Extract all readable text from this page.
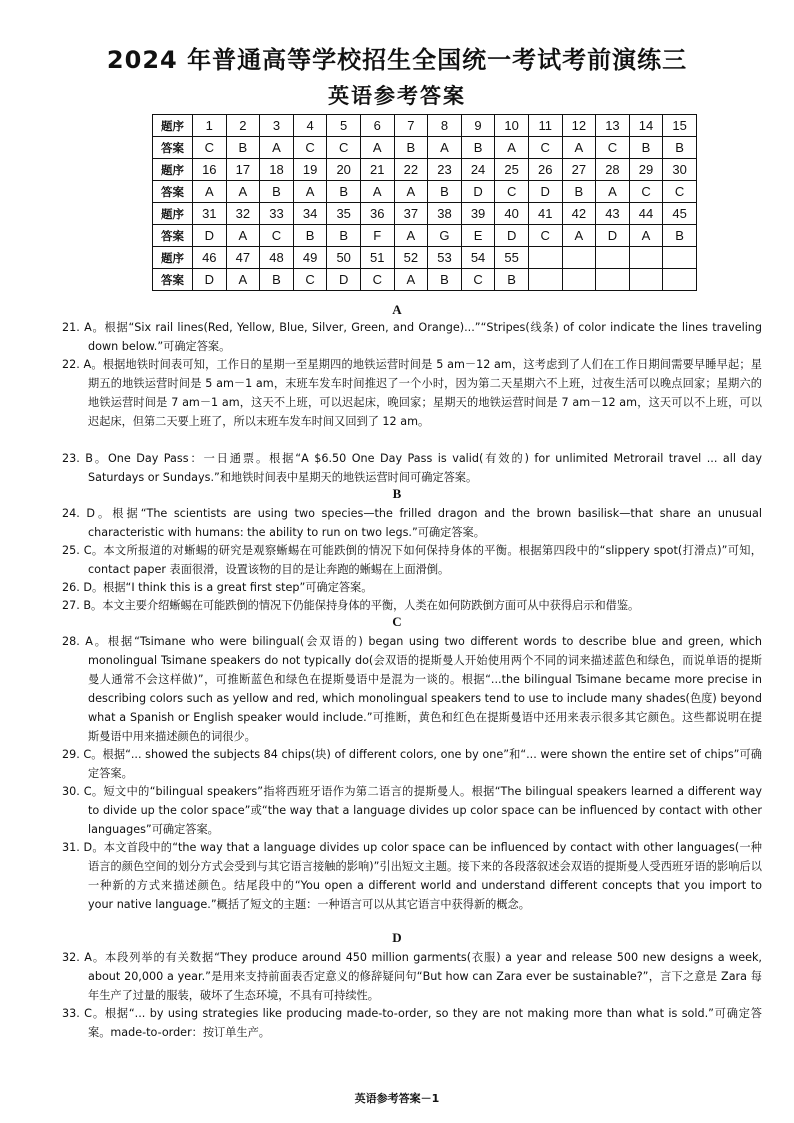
2024 年普通高等学校招生全国统一考试考前演练三
英语参考答案
题序	1	2	3	4	5	6	7	8	9	10	11	12	13	14	15
答案	C	B	A	C	C	A	B	A	B	A	C	A	C	B	B
题序	16	17	18	19	20	21	22	23	24	25	26	27	28	29	30
答案	A	A	B	A	B	A	A	B	D	C	D	B	A	C	C
题序	31	32	33	34	35	36	37	38	39	40	41	42	43	44	45
答案	D	A	C	B	B	F	A	G	E	D	C	A	D	A	B
题序	46	47	48	49	50	51	52	53	54	55					
答案	D	A	B	C	D	C	A	B	C	B					
A
21. A。根据“Six rail lines(Red, Yellow, Blue, Silver, Green, and Orange)...”“Stripes(线条) of color indicate the lines traveling down below.”可确定答案。
22. A。根据地铁时间表可知，工作日的星期一至星期四的地铁运营时间是 5 am－12 am，这考虑到了人们在工作日期间需要早睡早起；星期五的地铁运营时间是 5 am－1 am，末班车发车时间推迟了一个小时，因为第二天星期六不上班，过夜生活可以晚点回家；星期六的地铁运营时间是 7 am－1 am，这天不上班，可以迟起床，晚回家；星期天的地铁运营时间是 7 am－12 am，这天可以不上班，可以迟起床，但第二天要上班了，所以末班车发车时间又回到了 12 am。
23. B。One Day Pass：一日通票。根据“A $6.50 One Day Pass is valid(有效的) for unlimited Metrorail travel ... all day Saturdays or Sundays.”和地铁时间表中星期天的地铁运营时间可确定答案。
B
24. D。根据“The scientists are using two species—the frilled dragon and the brown basilisk—that share an unusual characteristic with humans: the ability to run on two legs.”可确定答案。
25. C。本文所报道的对蜥蜴的研究是观察蜥蜴在可能跌倒的情况下如何保持身体的平衡。根据第四段中的“slippery spot(打滑点)”可知，contact paper 表面很滑，设置该物的目的是让奔跑的蜥蜴在上面滑倒。
26. D。根据“I think this is a great first step”可确定答案。
27. B。本文主要介绍蜥蜴在可能跌倒的情况下仍能保持身体的平衡，人类在如何防跌倒方面可从中获得启示和借鉴。
C
28. A。根据“Tsimane who were bilingual(会双语的) began using two different words to describe blue and green, which monolingual Tsimane speakers do not typically do(会双语的提斯曼人开始使用两个不同的词来描述蓝色和绿色，而说单语的提斯曼人通常不会这样做)”，可推断蓝色和绿色在提斯曼语中是混为一谈的。根据“...the bilingual Tsimane became more precise in describing colors such as yellow and red, which monolingual speakers tend to use to include many shades(色度) beyond what a Spanish or English speaker would include.”可推断，黄色和红色在提斯曼语中还用来表示很多其它颜色。这些都说明在提斯曼语中用来描述颜色的词很少。
29. C。根据“... showed the subjects 84 chips(块) of different colors, one by one”和“... were shown the entire set of chips”可确定答案。
30. C。短文中的“bilingual speakers”指将西班牙语作为第二语言的提斯曼人。根据“The bilingual speakers learned a different way to divide up the color space”或“the way that a language divides up color space can be influenced by contact with other languages”可确定答案。
31. D。本文首段中的“the way that a language divides up color space can be influenced by contact with other languages(一种语言的颜色空间的划分方式会受到与其它语言接触的影响)”引出短文主题。接下来的各段落叙述会双语的提斯曼人受西班牙语的影响后以一种新的方式来描述颜色。结尾段中的“You open a different world and understand different concepts that you import to your native language.”概括了短文的主题：一种语言可以从其它语言中获得新的概念。
D
32. A。本段列举的有关数据“They produce around 450 million garments(衣服) a year and release 500 new designs a week, about 20,000 a year.”是用来支持前面表否定意义的修辞疑问句“But how can Zara ever be sustainable?”，言下之意是 Zara 每年生产了过量的服装，破坏了生态环境，不具有可持续性。
33. C。根据“... by using strategies like producing made-to-order, so they are not making more than what is sold.”可确定答案。made-to-order：按订单生产。
英语参考答案－1
